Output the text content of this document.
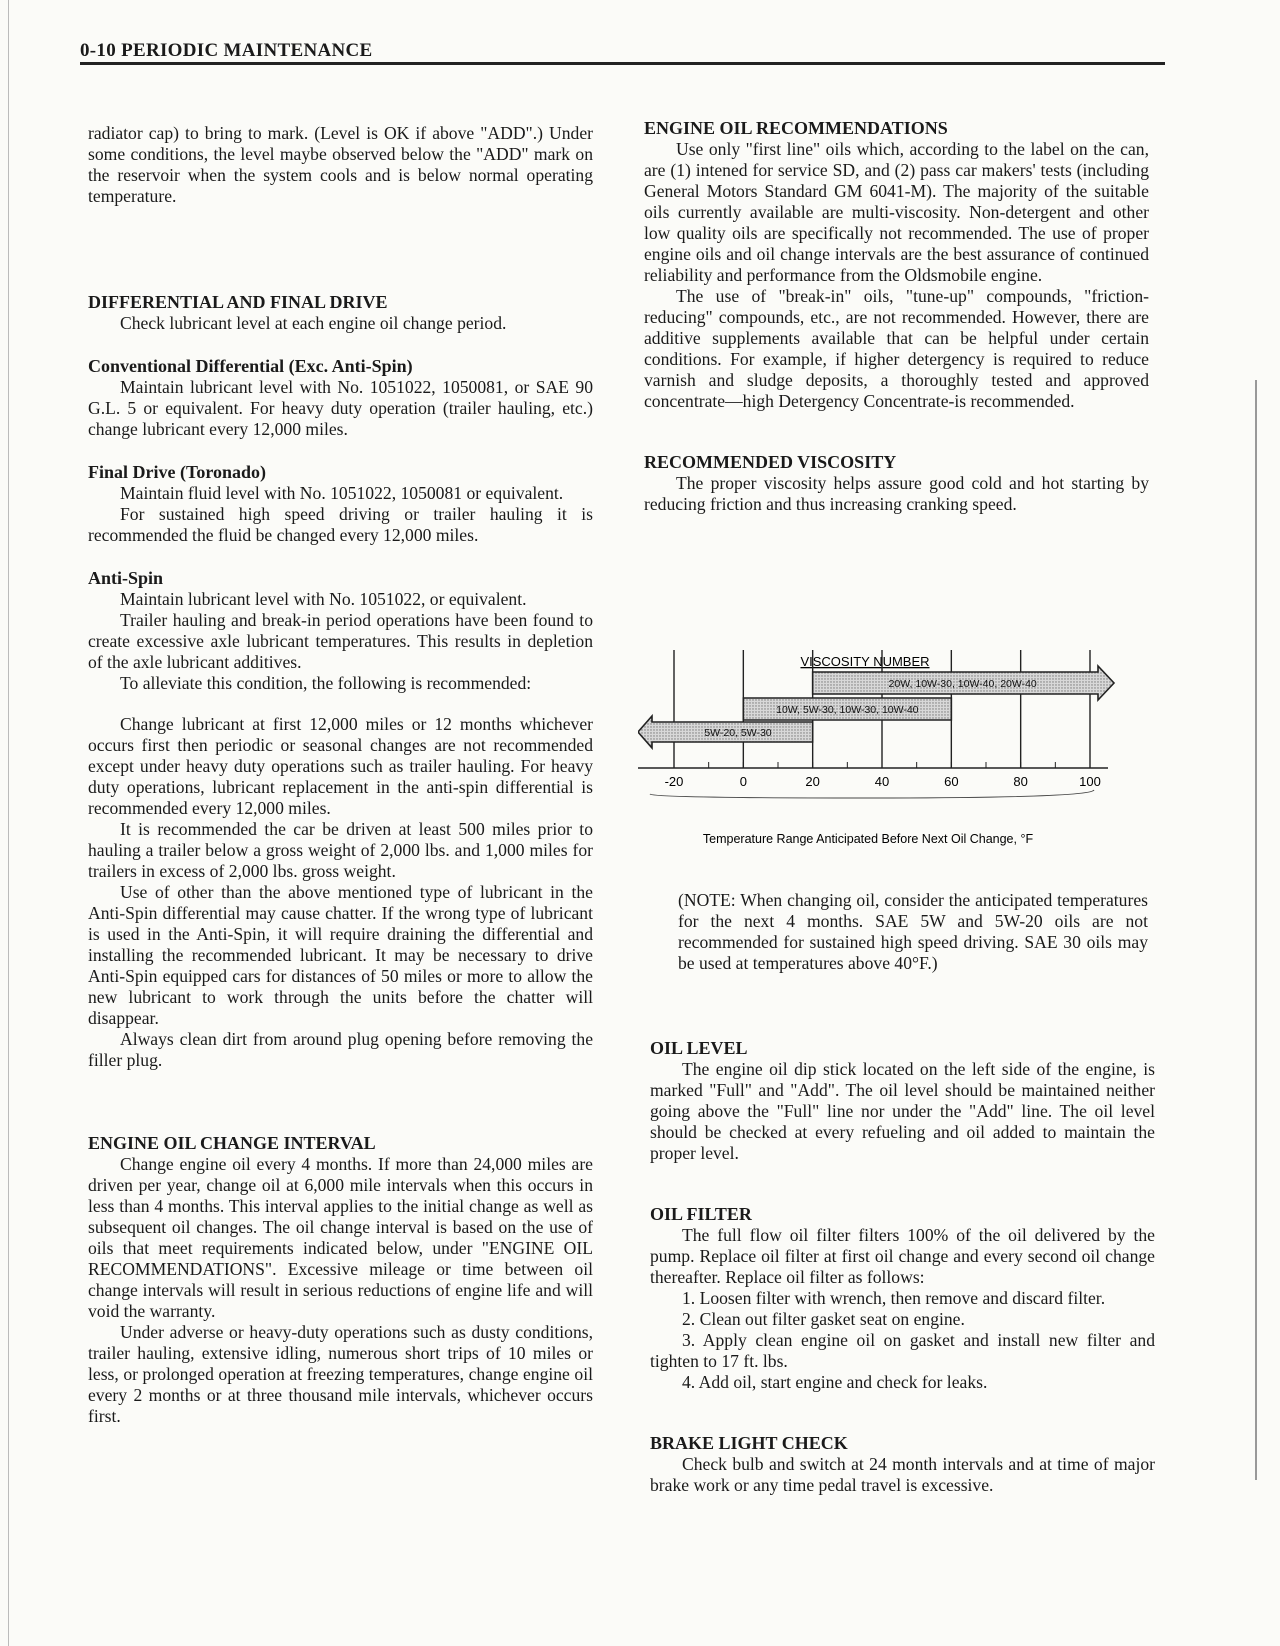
0-10 PERIODIC MAINTENANCE

radiator cap) to bring to mark. (Level is OK if above "ADD".) Under some conditions, the level maybe observed below the "ADD" mark on the reservoir when the system cools and is below normal operating temperature.

DIFFERENTIAL AND FINAL DRIVE

Check lubricant level at each engine oil change period.

Conventional Differential (Exc. Anti-Spin)

Maintain lubricant level with No. 1051022, 1050081, or SAE 90 G.L. 5 or equivalent. For heavy duty operation (trailer hauling, etc.) change lubricant every 12,000 miles.

Final Drive (Toronado)

Maintain fluid level with No. 1051022, 1050081 or equivalent.

For sustained high speed driving or trailer hauling it is recommended the fluid be changed every 12,000 miles.

Anti-Spin

Maintain lubricant level with No. 1051022, or equivalent.

Trailer hauling and break-in period operations have been found to create excessive axle lubricant temperatures. This results in depletion of the axle lubricant additives.

To alleviate this condition, the following is recommended:

Change lubricant at first 12,000 miles or 12 months whichever occurs first then periodic or seasonal changes are not recommended except under heavy duty operations such as trailer hauling. For heavy duty operations, lubricant replacement in the anti-spin differential is recommended every 12,000 miles.

It is recommended the car be driven at least 500 miles prior to hauling a trailer below a gross weight of 2,000 lbs. and 1,000 miles for trailers in excess of 2,000 lbs. gross weight.

Use of other than the above mentioned type of lubricant in the Anti-Spin differential may cause chatter. If the wrong type of lubricant is used in the Anti-Spin, it will require draining the differential and installing the recommended lubricant. It may be necessary to drive Anti-Spin equipped cars for distances of 50 miles or more to allow the new lubricant to work through the units before the chatter will disappear.

Always clean dirt from around plug opening before removing the filler plug.

ENGINE OIL CHANGE INTERVAL

Change engine oil every 4 months. If more than 24,000 miles are driven per year, change oil at 6,000 mile intervals when this occurs in less than 4 months. This interval applies to the initial change as well as subsequent oil changes. The oil change interval is based on the use of oils that meet requirements indicated below, under "ENGINE OIL RECOMMENDATIONS". Excessive mileage or time between oil change intervals will result in serious reductions of engine life and will void the warranty.

Under adverse or heavy-duty operations such as dusty conditions, trailer hauling, extensive idling, numerous short trips of 10 miles or less, or prolonged operation at freezing temperatures, change engine oil every 2 months or at three thousand mile intervals, whichever occurs first.

ENGINE OIL RECOMMENDATIONS

Use only "first line" oils which, according to the label on the can, are (1) intened for service SD, and (2) pass car makers' tests (including General Motors Standard GM 6041-M). The majority of the suitable oils currently available are multi-viscosity. Non-detergent and other low quality oils are specifically not recommended. The use of proper engine oils and oil change intervals are the best assurance of continued reliability and performance from the Oldsmobile engine.

The use of "break-in" oils, "tune-up" compounds, "friction-reducing" compounds, etc., are not recommended. However, there are additive supplements available that can be helpful under certain conditions. For example, if higher detergency is required to reduce varnish and sludge deposits, a thoroughly tested and approved concentrate—high Detergency Concentrate-is recommended.

RECOMMENDED VISCOSITY

The proper viscosity helps assure good cold and hot starting by reducing friction and thus increasing cranking speed.

(NOTE: When changing oil, consider the anticipated temperatures for the next 4 months. SAE 5W and 5W-20 oils are not recommended for sustained high speed driving. SAE 30 oils may be used at temperatures above 40°F.)

OIL LEVEL

The engine oil dip stick located on the left side of the engine, is marked "Full" and "Add". The oil level should be maintained neither going above the "Full" line nor under the "Add" line. The oil level should be checked at every refueling and oil added to maintain the proper level.

OIL FILTER

The full flow oil filter filters 100% of the oil delivered by the pump. Replace oil filter at first oil change and every second oil change thereafter. Replace oil filter as follows:

1. Loosen filter with wrench, then remove and discard filter.

2. Clean out filter gasket seat on engine.

3. Apply clean engine oil on gasket and install new filter and tighten to 17 ft. lbs.

4. Add oil, start engine and check for leaks.

BRAKE LIGHT CHECK

Check bulb and switch at 24 month intervals and at time of major brake work or any time pedal travel is excessive.

VISCOSITY NUMBER
20W, 10W-30, 10W-40, 20W-40
10W, 5W-30, 10W-30, 10W-40
5W-20, 5W-30
-20	0	20	40	60	80	100
Temperature Range Anticipated Before Next Oil Change, °F
